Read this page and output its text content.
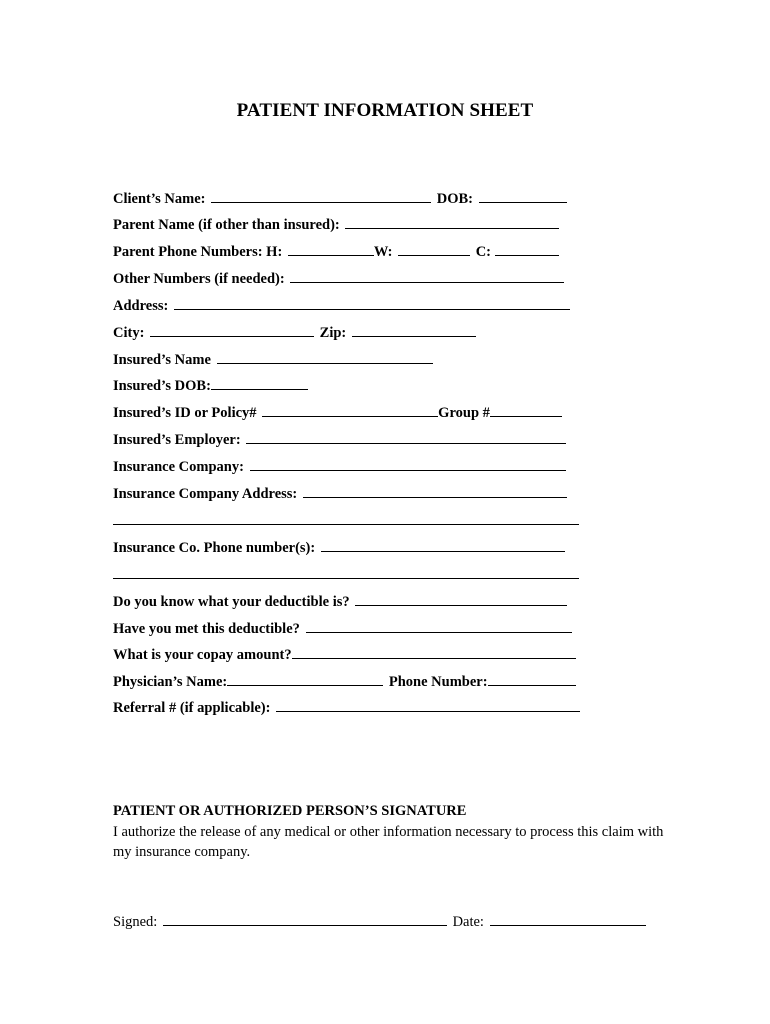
PATIENT INFORMATION SHEET
Client’s Name:	DOB:
Parent Name (if other than insured):
Parent Phone Numbers: H:	W:	C:
Other Numbers (if needed):
Address:
City:	Zip:
Insured’s Name
Insured’s DOB:
Insured’s ID or Policy#	Group #
Insured’s Employer:
Insurance Company:
Insurance Company Address:
Insurance Co. Phone number(s):
Do you know what your deductible is?
Have you met this deductible?
What is your copay amount?
Physician’s Name:	Phone Number:
Referral # (if applicable):
PATIENT OR AUTHORIZED PERSON’S SIGNATURE
I authorize the release of any medical or other information necessary to process this claim with my insurance company.
Signed:	Date:
